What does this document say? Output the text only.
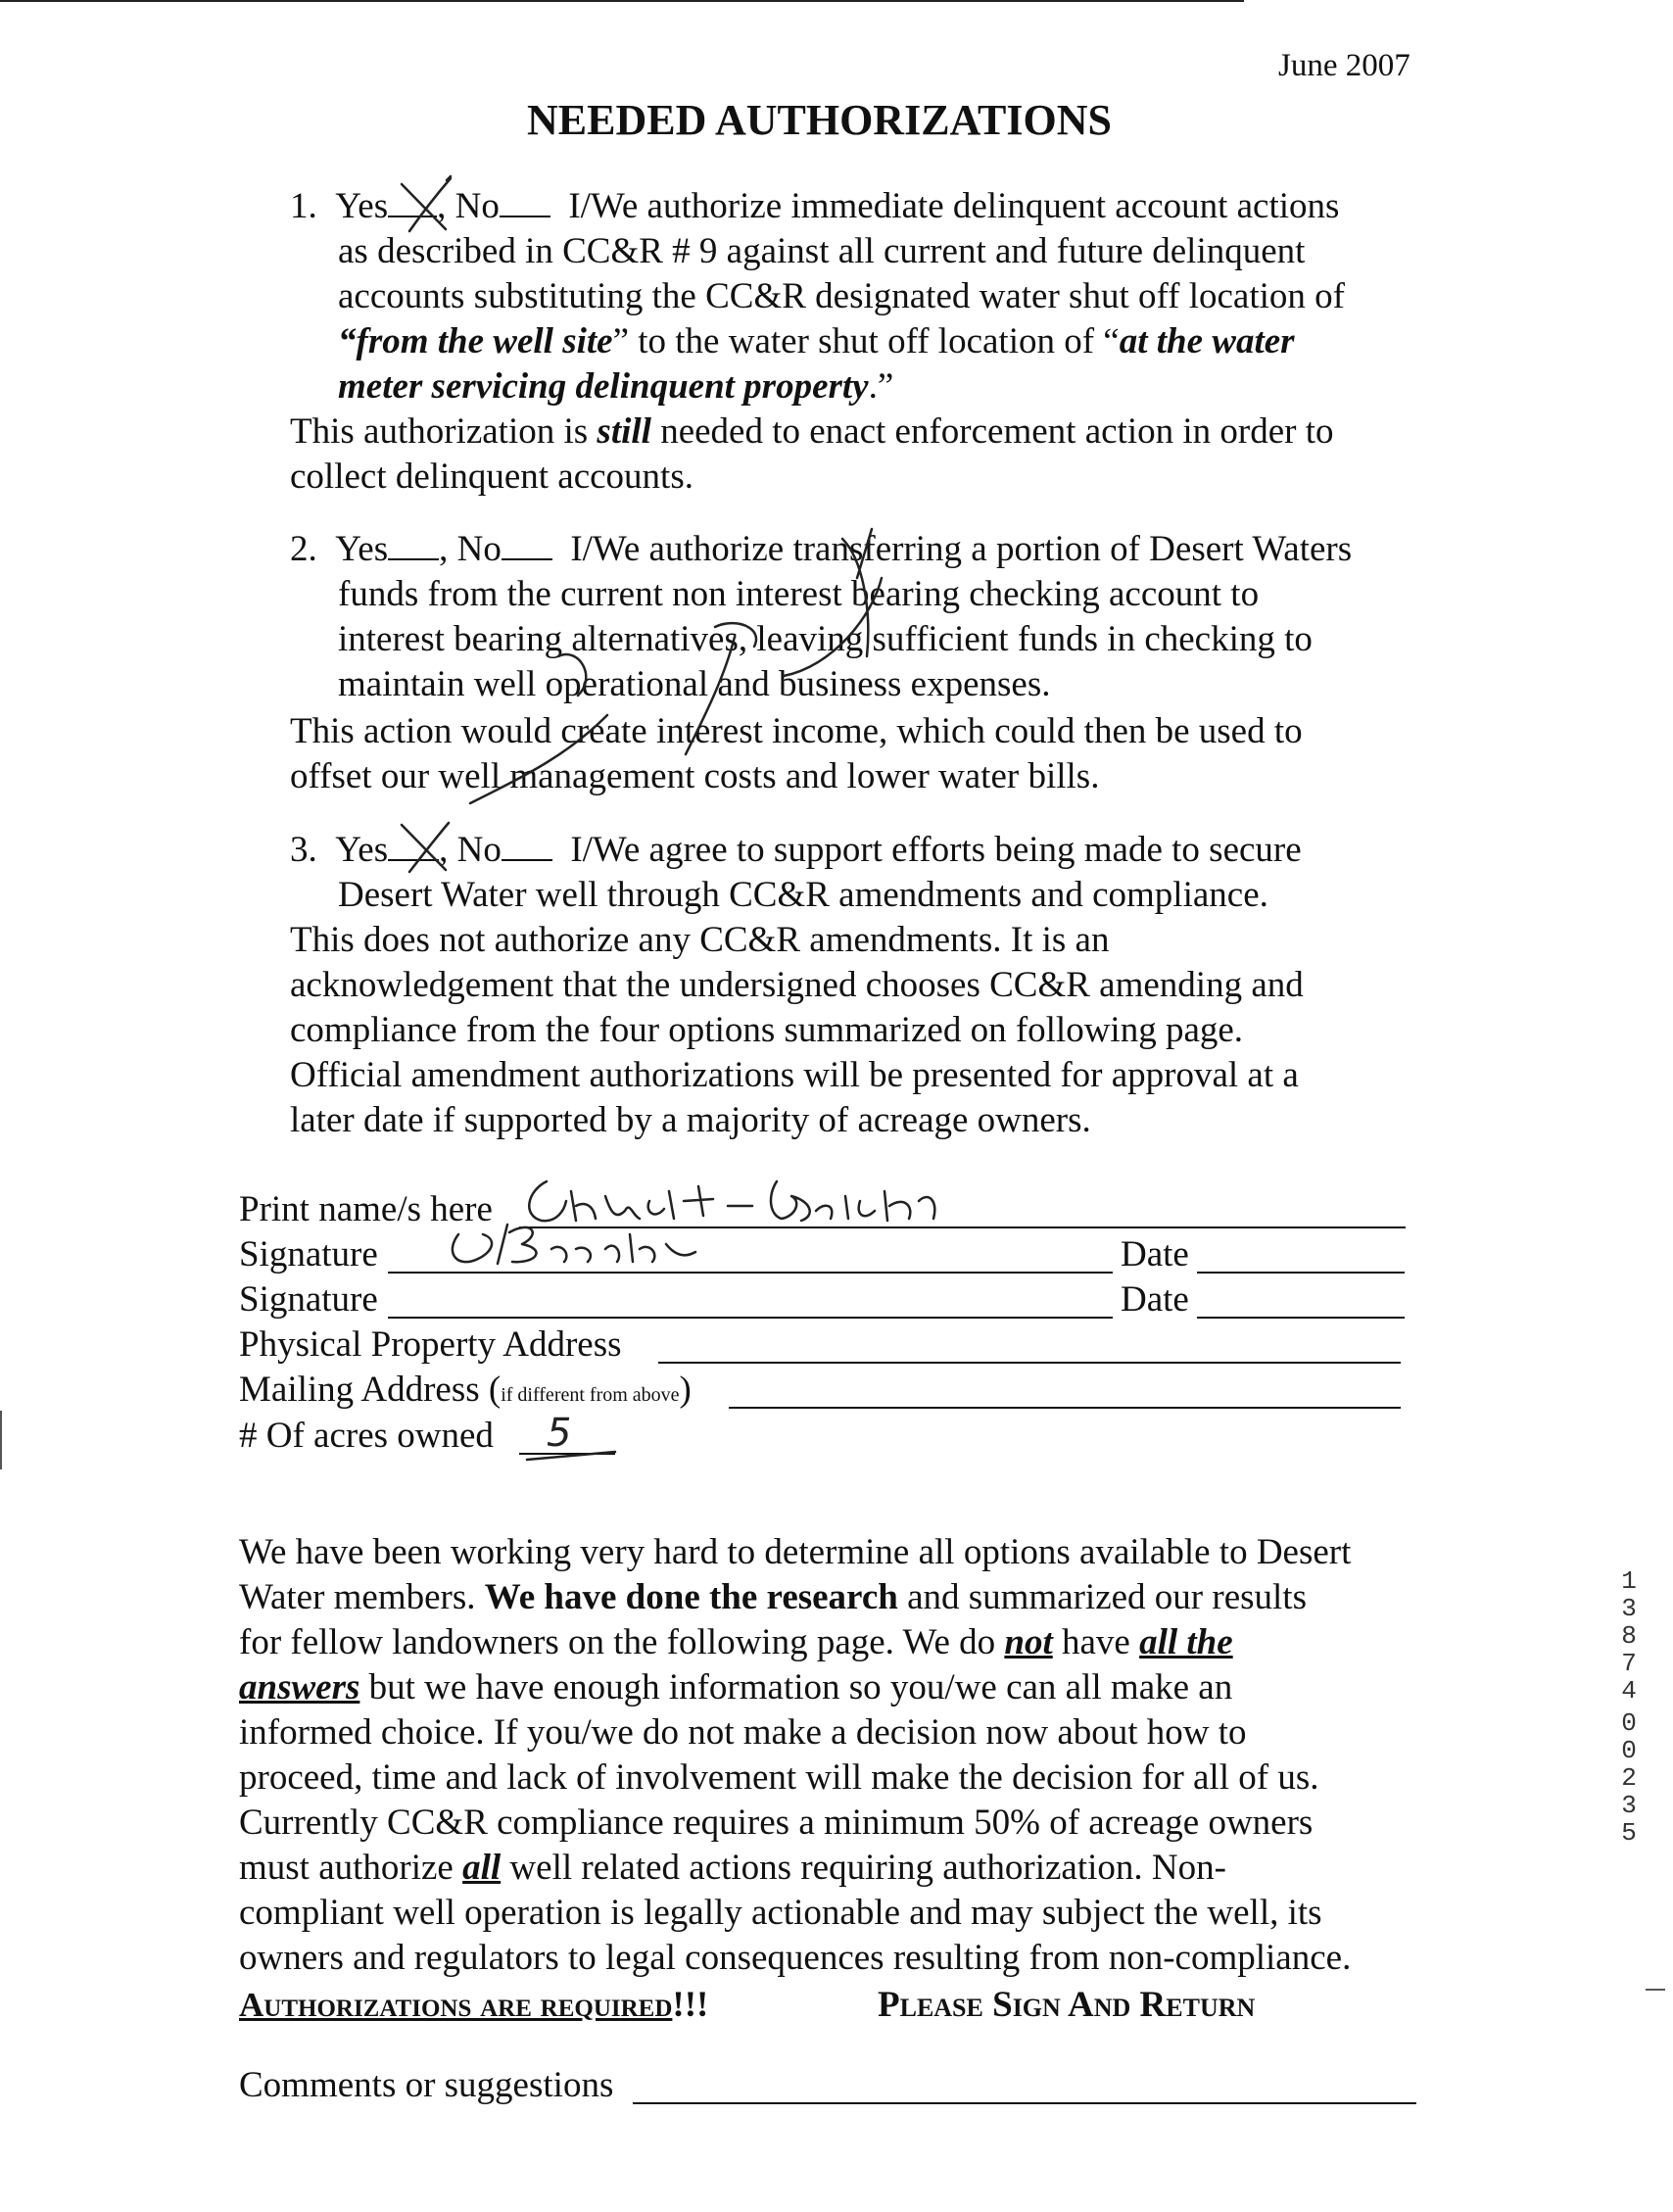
June 2007
NEEDED AUTHORIZATIONS
1. Yes , No I/We authorize immediate delinquent account actions
as described in CC&R # 9 against all current and future delinquent
accounts substituting the CC&R designated water shut off location of
“from the well site” to the water shut off location of “at the water
meter servicing delinquent property.”
This authorization is still needed to enact enforcement action in order to
collect delinquent accounts.
2. Yes , No I/We authorize transferring a portion of Desert Waters
funds from the current non interest bearing checking account to
interest bearing alternatives, leaving sufficient funds in checking to
maintain well operational and business expenses.
This action would create interest income, which could then be used to
offset our well management costs and lower water bills.
3. Yes , No I/We agree to support efforts being made to secure
Desert Water well through CC&R amendments and compliance.
This does not authorize any CC&R amendments. It is an
acknowledgement that the undersigned chooses CC&R amending and
compliance from the four options summarized on following page.
Official amendment authorizations will be presented for approval at a
later date if supported by a majority of acreage owners.
Print name/s here
Signature	Date
Signature	Date
Physical Property Address
Mailing Address (if different from above)
# Of acres owned 5
We have been working very hard to determine all options available to Desert
Water members. We have done the research and summarized our results
for fellow landowners on the following page. We do not have all the
answers but we have enough information so you/we can all make an
informed choice. If you/we do not make a decision now about how to
proceed, time and lack of involvement will make the decision for all of us.
Currently CC&R compliance requires a minimum 50% of acreage owners
must authorize all well related actions requiring authorization. Non-
compliant well operation is legally actionable and may subject the well, its
owners and regulators to legal consequences resulting from non-compliance.
Authorizations are required!!!	Please Sign And Return
Comments or suggestions
1
3
8
7
4
0
0
2
3
5
